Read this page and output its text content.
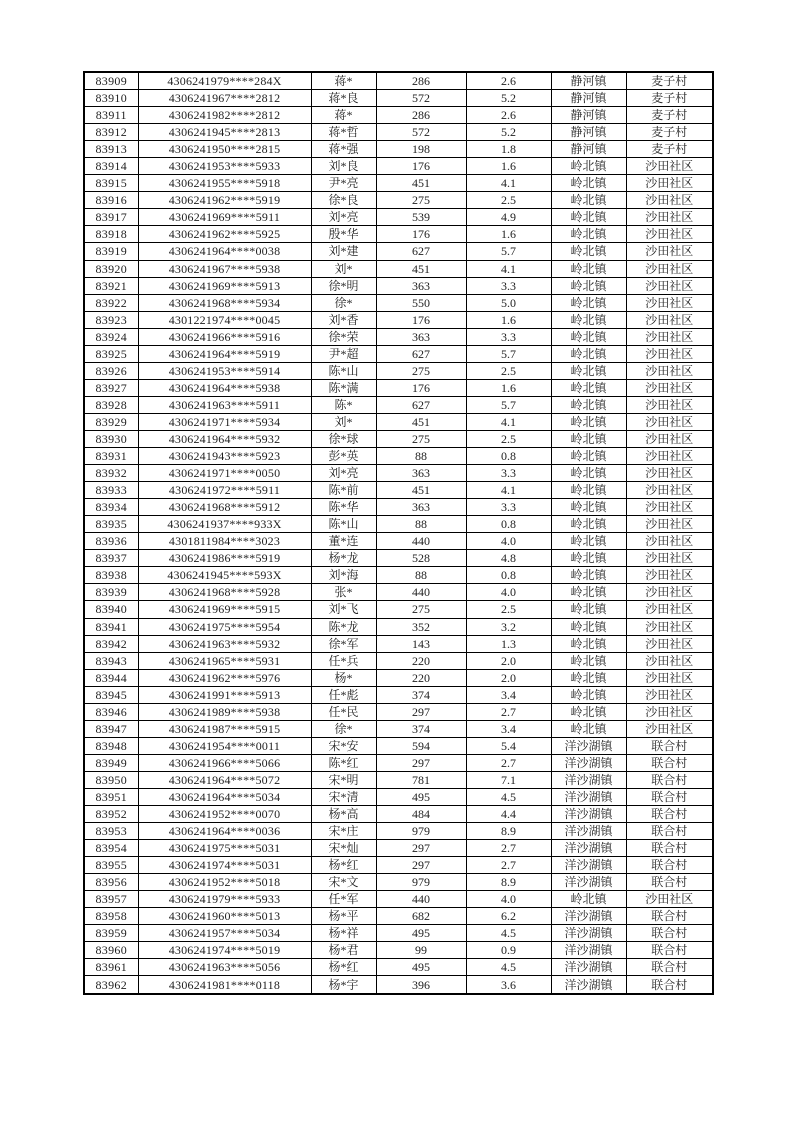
83909	4306241979****284X	蒋*	286	2.6	静河镇	麦子村
83910	4306241967****2812	蒋*良	572	5.2	静河镇	麦子村
83911	4306241982****2812	蒋*	286	2.6	静河镇	麦子村
83912	4306241945****2813	蒋*哲	572	5.2	静河镇	麦子村
83913	4306241950****2815	蒋*强	198	1.8	静河镇	麦子村
83914	4306241953****5933	刘*良	176	1.6	岭北镇	沙田社区
83915	4306241955****5918	尹*亮	451	4.1	岭北镇	沙田社区
83916	4306241962****5919	徐*良	275	2.5	岭北镇	沙田社区
83917	4306241969****5911	刘*亮	539	4.9	岭北镇	沙田社区
83918	4306241962****5925	殷*华	176	1.6	岭北镇	沙田社区
83919	4306241964****0038	刘*建	627	5.7	岭北镇	沙田社区
83920	4306241967****5938	刘*	451	4.1	岭北镇	沙田社区
83921	4306241969****5913	徐*明	363	3.3	岭北镇	沙田社区
83922	4306241968****5934	徐*	550	5.0	岭北镇	沙田社区
83923	4301221974****0045	刘*香	176	1.6	岭北镇	沙田社区
83924	4306241966****5916	徐*荣	363	3.3	岭北镇	沙田社区
83925	4306241964****5919	尹*超	627	5.7	岭北镇	沙田社区
83926	4306241953****5914	陈*山	275	2.5	岭北镇	沙田社区
83927	4306241964****5938	陈*满	176	1.6	岭北镇	沙田社区
83928	4306241963****5911	陈*	627	5.7	岭北镇	沙田社区
83929	4306241971****5934	刘*	451	4.1	岭北镇	沙田社区
83930	4306241964****5932	徐*球	275	2.5	岭北镇	沙田社区
83931	4306241943****5923	彭*英	88	0.8	岭北镇	沙田社区
83932	4306241971****0050	刘*亮	363	3.3	岭北镇	沙田社区
83933	4306241972****5911	陈*前	451	4.1	岭北镇	沙田社区
83934	4306241968****5912	陈*华	363	3.3	岭北镇	沙田社区
83935	4306241937****933X	陈*山	88	0.8	岭北镇	沙田社区
83936	4301811984****3023	董*连	440	4.0	岭北镇	沙田社区
83937	4306241986****5919	杨*龙	528	4.8	岭北镇	沙田社区
83938	4306241945****593X	刘*海	88	0.8	岭北镇	沙田社区
83939	4306241968****5928	张*	440	4.0	岭北镇	沙田社区
83940	4306241969****5915	刘*飞	275	2.5	岭北镇	沙田社区
83941	4306241975****5954	陈*龙	352	3.2	岭北镇	沙田社区
83942	4306241963****5932	徐*军	143	1.3	岭北镇	沙田社区
83943	4306241965****5931	任*兵	220	2.0	岭北镇	沙田社区
83944	4306241962****5976	杨*	220	2.0	岭北镇	沙田社区
83945	4306241991****5913	任*彪	374	3.4	岭北镇	沙田社区
83946	4306241989****5938	任*民	297	2.7	岭北镇	沙田社区
83947	4306241987****5915	徐*	374	3.4	岭北镇	沙田社区
83948	4306241954****0011	宋*安	594	5.4	洋沙湖镇	联合村
83949	4306241966****5066	陈*红	297	2.7	洋沙湖镇	联合村
83950	4306241964****5072	宋*明	781	7.1	洋沙湖镇	联合村
83951	4306241964****5034	宋*清	495	4.5	洋沙湖镇	联合村
83952	4306241952****0070	杨*高	484	4.4	洋沙湖镇	联合村
83953	4306241964****0036	宋*庄	979	8.9	洋沙湖镇	联合村
83954	4306241975****5031	宋*灿	297	2.7	洋沙湖镇	联合村
83955	4306241974****5031	杨*红	297	2.7	洋沙湖镇	联合村
83956	4306241952****5018	宋*文	979	8.9	洋沙湖镇	联合村
83957	4306241979****5933	任*军	440	4.0	岭北镇	沙田社区
83958	4306241960****5013	杨*平	682	6.2	洋沙湖镇	联合村
83959	4306241957****5034	杨*祥	495	4.5	洋沙湖镇	联合村
83960	4306241974****5019	杨*君	99	0.9	洋沙湖镇	联合村
83961	4306241963****5056	杨*红	495	4.5	洋沙湖镇	联合村
83962	4306241981****0118	杨*宇	396	3.6	洋沙湖镇	联合村
